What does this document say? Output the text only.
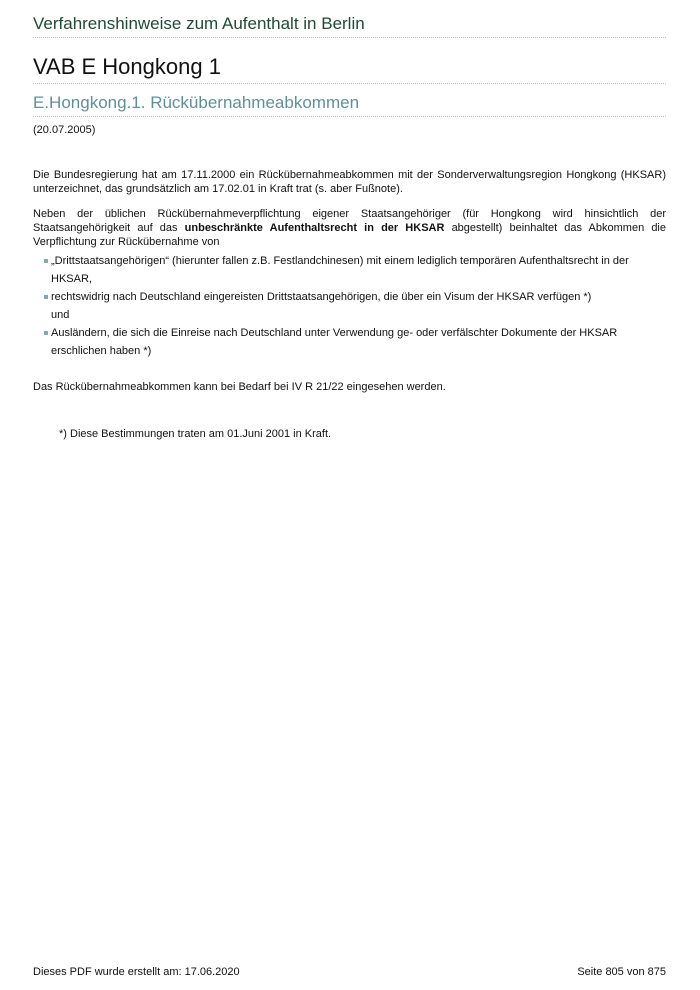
Verfahrenshinweise zum Aufenthalt in Berlin
VAB E Hongkong 1
E.Hongkong.1. Rückübernahmeabkommen
(20.07.2005)
Die Bundesregierung hat am 17.11.2000 ein Rückübernahmeabkommen mit der Sonderverwaltungsregion Hongkong (HKSAR) unterzeichnet, das grundsätzlich am 17.02.01 in Kraft trat (s. aber Fußnote).
Neben der üblichen Rückübernahmeverpflichtung eigener Staatsangehöriger (für Hongkong wird hinsichtlich der Staatsangehörigkeit auf das unbeschränkte Aufenthaltsrecht in der HKSAR abgestellt) beinhaltet das Abkommen die Verpflichtung zur Rückübernahme von
„Drittstaatsangehörigen“ (hierunter fallen z.B. Festlandchinesen) mit einem lediglich temporären Aufenthaltsrecht in der HKSAR,
rechtswidrig nach Deutschland eingereisten Drittstaatsangehörigen, die über ein Visum der HKSAR verfügen *)
und
Ausländern, die sich die Einreise nach Deutschland unter Verwendung ge- oder verfälschter Dokumente der HKSAR erschlichen haben *)
Das Rückübernahmeabkommen kann bei Bedarf bei IV R 21/22 eingesehen werden.
*) Diese Bestimmungen traten am 01.Juni 2001 in Kraft.
Dieses PDF wurde erstellt am: 17.06.2020	Seite 805 von 875
